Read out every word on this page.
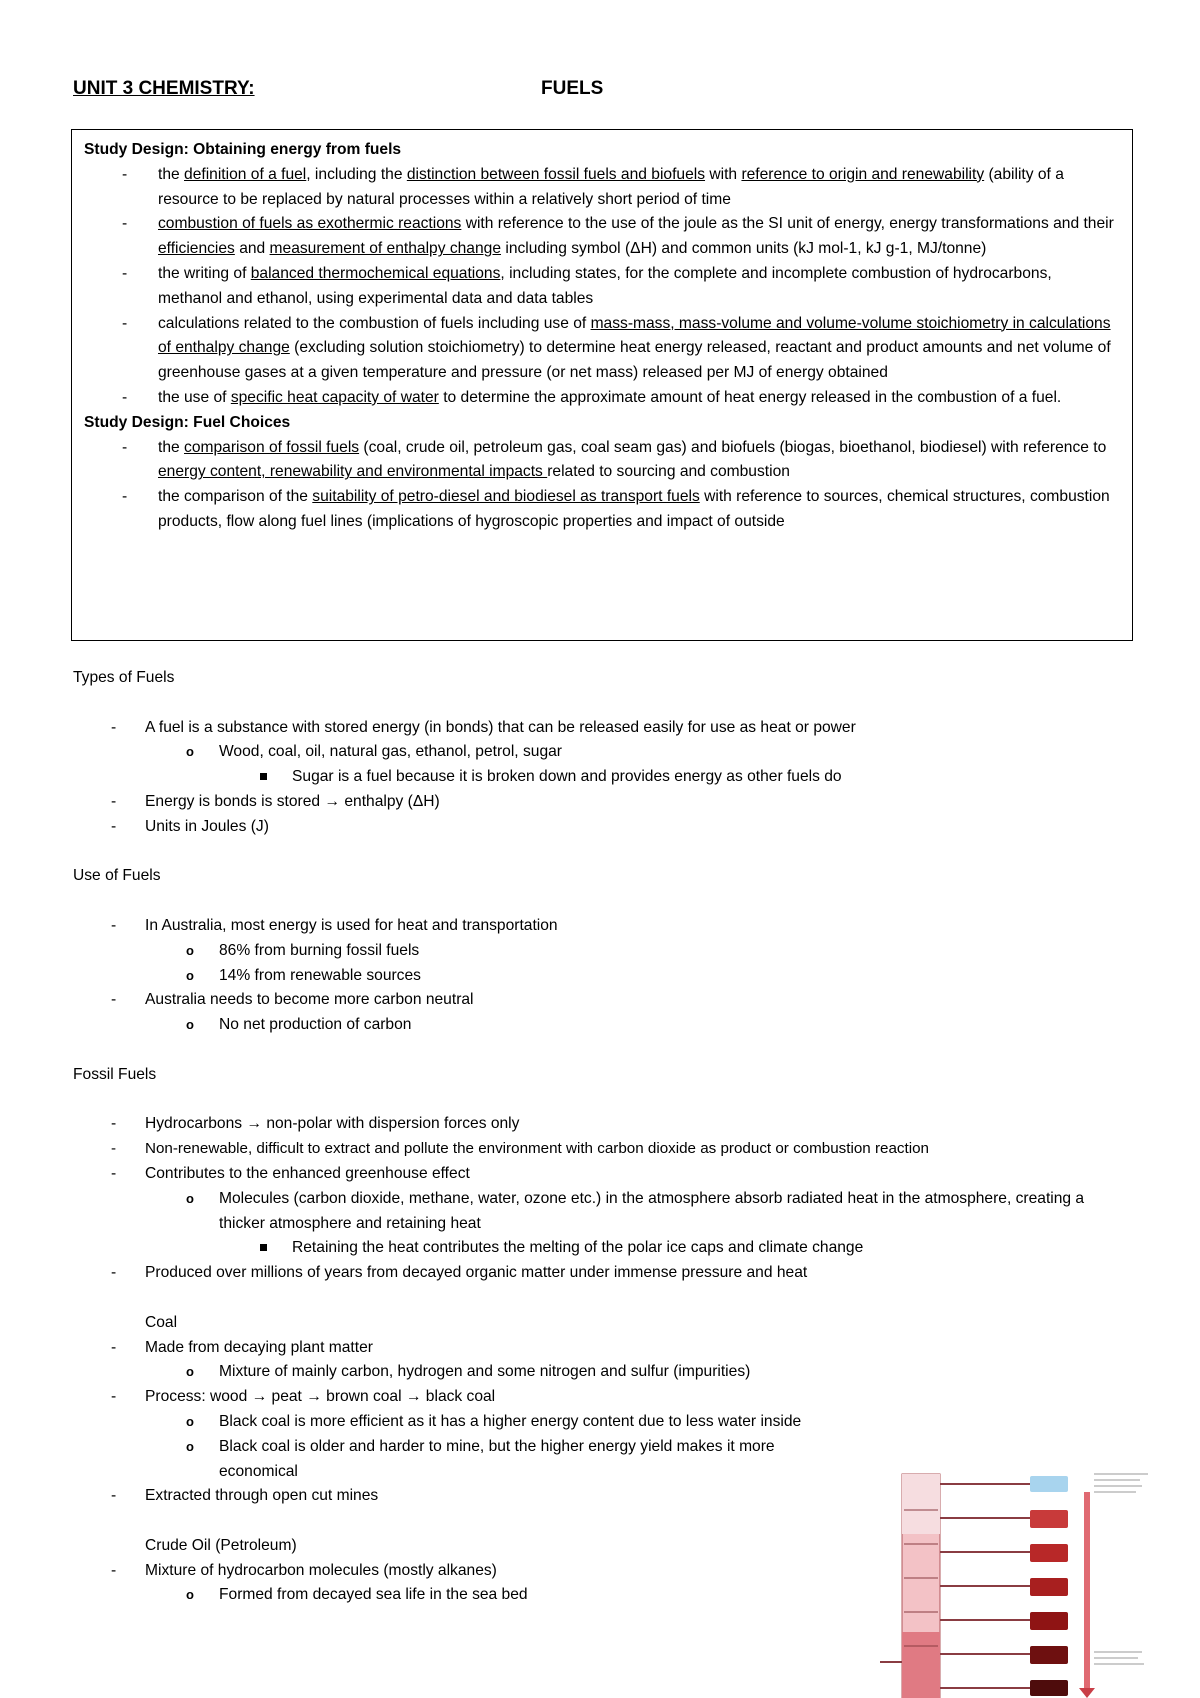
UNIT 3 CHEMISTRY:	FUELS
Study Design: Obtaining energy from fuels
- the definition of a fuel, including the distinction between fossil fuels and biofuels with reference to origin and renewability (ability of a resource to be replaced by natural processes within a relatively short period of time
- combustion of fuels as exothermic reactions with reference to the use of the joule as the SI unit of energy, energy transformations and their efficiencies and measurement of enthalpy change including symbol (ΔH) and common units (kJ mol-1, kJ g-1, MJ/tonne)
- the writing of balanced thermochemical equations, including states, for the complete and incomplete combustion of hydrocarbons, methanol and ethanol, using experimental data and data tables
- calculations related to the combustion of fuels including use of mass-mass, mass-volume and volume-volume stoichiometry in calculations of enthalpy change (excluding solution stoichiometry) to determine heat energy released, reactant and product amounts and net volume of greenhouse gases at a given temperature and pressure (or net mass) released per MJ of energy obtained
- the use of specific heat capacity of water to determine the approximate amount of heat energy released in the combustion of a fuel.
Study Design: Fuel Choices
- the comparison of fossil fuels (coal, crude oil, petroleum gas, coal seam gas) and biofuels (biogas, bioethanol, biodiesel) with reference to energy content, renewability and environmental impacts related to sourcing and combustion
- the comparison of the suitability of petro-diesel and biodiesel as transport fuels with reference to sources, chemical structures, combustion products, flow along fuel lines (implications of hygroscopic properties and impact of outside
Types of Fuels
- A fuel is a substance with stored energy (in bonds) that can be released easily for use as heat or power
o Wood, coal, oil, natural gas, ethanol, petrol, sugar
Sugar is a fuel because it is broken down and provides energy as other fuels do
- Energy is bonds is stored → enthalpy (ΔH)
- Units in Joules (J)
Use of Fuels
- In Australia, most energy is used for heat and transportation
o 86% from burning fossil fuels
o 14% from renewable sources
- Australia needs to become more carbon neutral
o No net production of carbon
Fossil Fuels
- Hydrocarbons → non-polar with dispersion forces only
- Non-renewable, difficult to extract and pollute the environment with carbon dioxide as product or combustion reaction
- Contributes to the enhanced greenhouse effect
o Molecules (carbon dioxide, methane, water, ozone etc.) in the atmosphere absorb radiated heat in the atmosphere, creating a thicker atmosphere and retaining heat
Retaining the heat contributes the melting of the polar ice caps and climate change
- Produced over millions of years from decayed organic matter under immense pressure and heat
Coal
- Made from decaying plant matter
o Mixture of mainly carbon, hydrogen and some nitrogen and sulfur (impurities)
- Process: wood → peat → brown coal → black coal
o Black coal is more efficient as it has a higher energy content due to less water inside
o Black coal is older and harder to mine, but the higher energy yield makes it more economical
- Extracted through open cut mines
Crude Oil (Petroleum)
- Mixture of hydrocarbon molecules (mostly alkanes)
o Formed from decayed sea life in the sea bed
